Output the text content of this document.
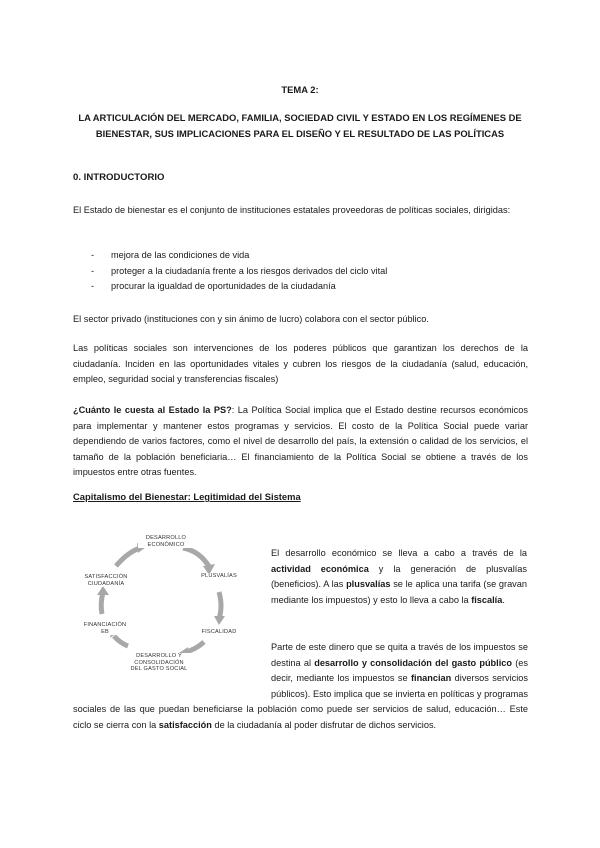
TEMA 2:
LA ARTICULACIÓN DEL MERCADO, FAMILIA, SOCIEDAD CIVIL Y ESTADO EN LOS REGÍMENES DE
BIENESTAR, SUS IMPLICACIONES PARA EL DISEÑO Y EL RESULTADO DE LAS POLÍTICAS
0. INTRODUCTORIO
El Estado de bienestar es el conjunto de instituciones estatales proveedoras de políticas sociales, dirigidas:
- mejora de las condiciones de vida
- proteger a la ciudadanía frente a los riesgos derivados del ciclo vital
- procurar la igualdad de oportunidades de la ciudadanía
El sector privado (instituciones con y sin ánimo de lucro) colabora con el sector público.
Las políticas sociales son intervenciones de los poderes públicos que garantizan los derechos de la ciudadanía. Inciden en las oportunidades vitales y cubren los riesgos de la ciudadanía (salud, educación, empleo, seguridad social y transferencias fiscales)
¿Cuánto le cuesta al Estado la PS?: La Política Social implica que el Estado destine recursos económicos para implementar y mantener estos programas y servicios. El costo de la Política Social puede variar dependiendo de varios factores, como el nivel de desarrollo del país, la extensión o calidad de los servicios, el tamaño de la población beneficiaria… El financiamiento de la Política Social se obtiene a través de los impuestos entre otras fuentes.
Capitalismo del Bienestar: Legitimidad del Sistema
DESARROLLO
ECONÓMICO
PLUSVALÍAS
FISCALIDAD
DESARROLLO Y
CONSOLIDACIÓN
DEL GASTO SOCIAL
FINANCIACIÓN
EB
SATISFACCIÓN
CIUDADANÍA
El desarrollo económico se lleva a cabo a través de la actividad económica y la generación de plusvalías (beneficios). A las plusvalías se le aplica una tarifa (se gravan mediante los impuestos) y esto lo lleva a cabo la fiscalía.
Parte de este dinero que se quita a través de los impuestos se destina al desarrollo y consolidación del gasto público (es decir, mediante los impuestos se financian diversos servicios públicos). Esto implica que se invierta en políticas y programas sociales de las que puedan beneficiarse la población como puede ser servicios de salud, educación… Este ciclo se cierra con la satisfacción de la ciudadanía al poder disfrutar de dichos servicios.
